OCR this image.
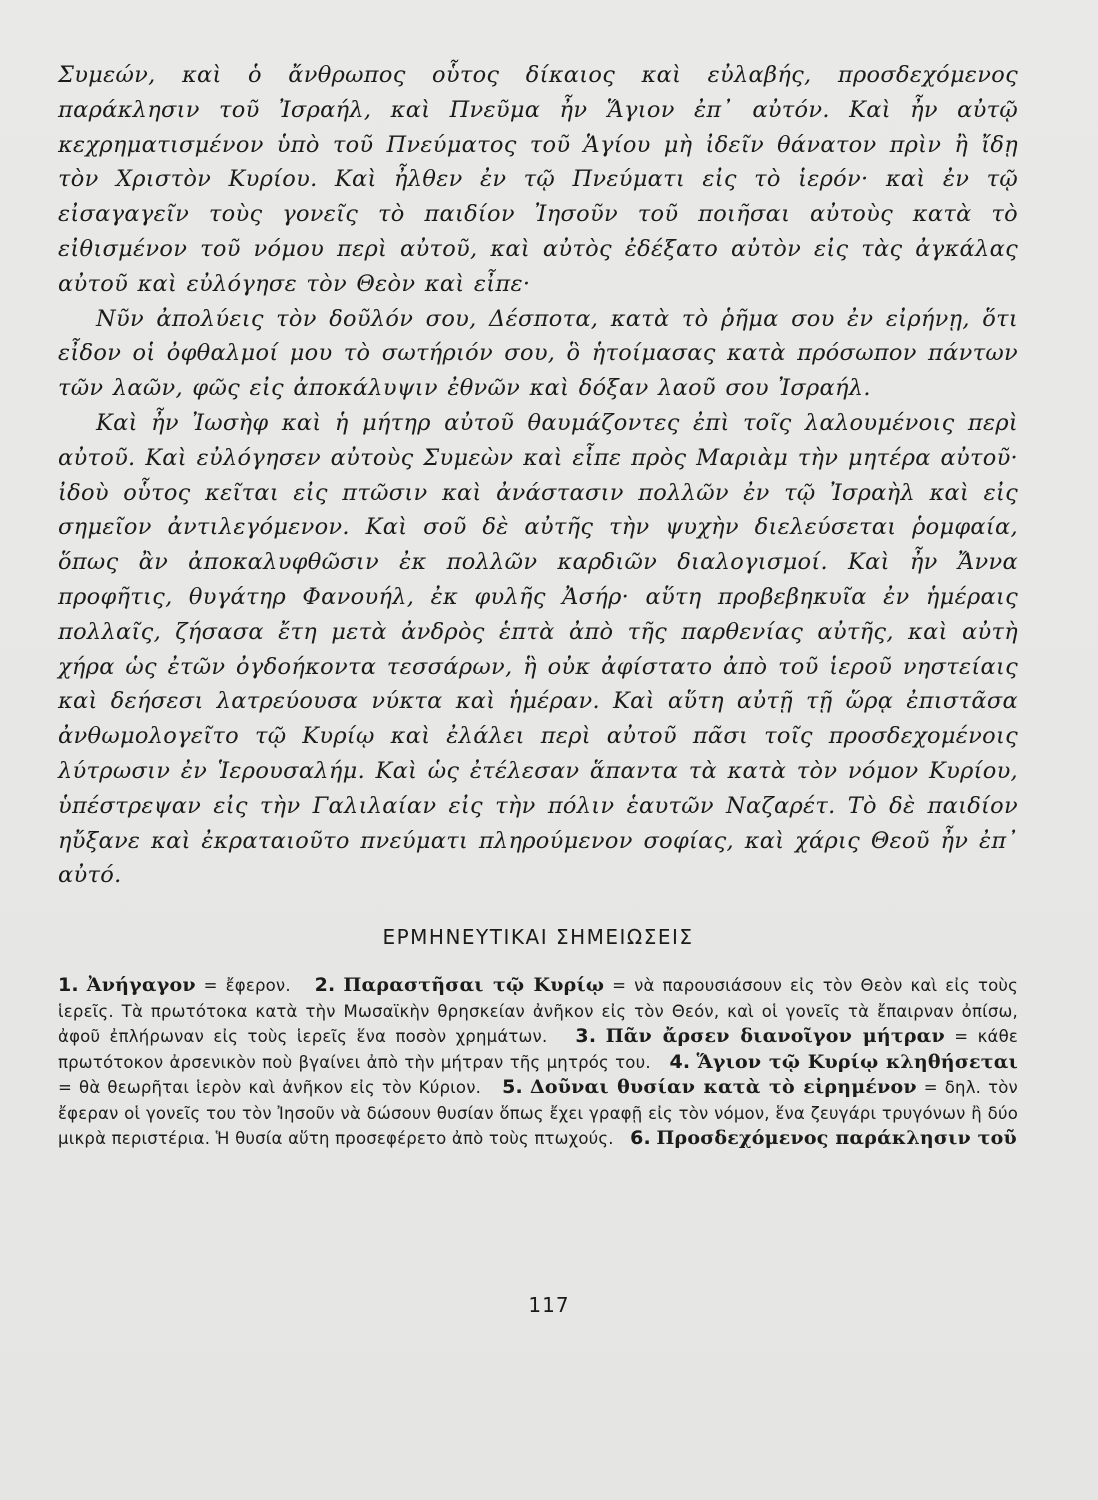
Συμεών, καὶ ὁ ἄνθρωπος οὗτος δίκαιος καὶ εὐλαβής, προσδεχόμενος παράκλησιν τοῦ Ἰσραήλ, καὶ Πνεῦμα ἦν Ἅγιον ἐπ᾽ αὐτόν. Καὶ ἦν αὐτῷ κεχρηματισμένον ὑπὸ τοῦ Πνεύματος τοῦ Ἁγίου μὴ ἰδεῖν θάνατον πρὶν ἢ ἴδῃ τὸν Χριστὸν Κυρίου. Καὶ ἦλθεν ἐν τῷ Πνεύματι εἰς τὸ ἱερόν· καὶ ἐν τῷ εἰσαγαγεῖν τοὺς γονεῖς τὸ παιδίον Ἰησοῦν τοῦ ποιῆσαι αὐτοὺς κατὰ τὸ εἰθισμένον τοῦ νόμου περὶ αὐτοῦ, καὶ αὐτὸς ἐδέξατο αὐτὸν εἰς τὰς ἀγκάλας αὐτοῦ καὶ εὐλόγησε τὸν Θεὸν καὶ εἶπε·

Νῦν ἀπολύεις τὸν δοῦλόν σου, Δέσποτα, κατὰ τὸ ῥῆμα σου ἐν εἰρήνῃ, ὅτι εἶδον οἱ ὀφθαλμοί μου τὸ σωτήριόν σου, ὃ ἡτοίμασας κατὰ πρόσωπον πάντων τῶν λαῶν, φῶς εἰς ἀποκάλυψιν ἐθνῶν καὶ δόξαν λαοῦ σου Ἰσραήλ.

Καὶ ἦν Ἰωσὴφ καὶ ἡ μήτηρ αὐτοῦ θαυμάζοντες ἐπὶ τοῖς λαλουμένοις περὶ αὐτοῦ. Καὶ εὐλόγησεν αὐτοὺς Συμεὼν καὶ εἶπε πρὸς Μαριὰμ τὴν μητέρα αὐτοῦ· ἰδοὺ οὗτος κεῖται εἰς πτῶσιν καὶ ἀνάστασιν πολλῶν ἐν τῷ Ἰσραὴλ καὶ εἰς σημεῖον ἀντιλεγόμενον. Καὶ σοῦ δὲ αὐτῆς τὴν ψυχὴν διελεύσεται ῥομφαία, ὅπως ἂν ἀποκαλυφθῶσιν ἐκ πολλῶν καρδιῶν διαλογισμοί. Καὶ ἦν Ἄννα προφῆτις, θυγάτηρ Φανουήλ, ἐκ φυλῆς Ἀσήρ· αὕτη προβεβηκυῖα ἐν ἡμέραις πολλαῖς, ζήσασα ἔτη μετὰ ἀνδρὸς ἑπτὰ ἀπὸ τῆς παρθενίας αὐτῆς, καὶ αὐτὴ χήρα ὡς ἐτῶν ὀγδοήκοντα τεσσάρων, ἣ οὐκ ἀφίστατο ἀπὸ τοῦ ἱεροῦ νηστείαις καὶ δεήσεσι λατρεύουσα νύκτα καὶ ἡμέραν. Καὶ αὕτη αὐτῇ τῇ ὥρᾳ ἐπιστᾶσα ἀνθωμολογεῖτο τῷ Κυρίῳ καὶ ἐλάλει περὶ αὐτοῦ πᾶσι τοῖς προσδεχομένοις λύτρωσιν ἐν Ἱερουσαλήμ. Καὶ ὡς ἐτέλεσαν ἅπαντα τὰ κατὰ τὸν νόμον Κυρίου, ὑπέστρεψαν εἰς τὴν Γαλιλαίαν εἰς τὴν πόλιν ἑαυτῶν Ναζαρέτ. Τὸ δὲ παιδίον ηὔξανε καὶ ἐκραταιοῦτο πνεύματι πληρούμενον σοφίας, καὶ χάρις Θεοῦ ἦν ἐπ᾽ αὐτό.

ΕΡΜΗΝΕΥΤΙΚΑΙ ΣΗΜΕΙΩΣΕΙΣ
1. Ἀνήγαγον = ἔφερον. 2. Παραστῆσαι τῷ Κυρίῳ = νὰ παρουσιάσουν εἰς τὸν Θεὸν καὶ εἰς τοὺς ἱερεῖς. Τὰ πρωτότοκα κατὰ τὴν Μωσαϊκὴν θρησκείαν ἀνῆκον εἰς τὸν Θεόν, καὶ οἱ γονεῖς τὰ ἔπαιρναν ὀπίσω, ἀφοῦ ἐπλήρωναν εἰς τοὺς ἱερεῖς ἕνα ποσὸν χρημάτων. 3. Πᾶν ἄρσεν διανοῖγον μήτραν = κάθε πρωτότοκον ἀρσενικὸν ποὺ βγαίνει ἀπὸ τὴν μήτραν τῆς μητρός του. 4. Ἅγιον τῷ Κυρίῳ κληθήσεται = θὰ θεωρῆται ἱερὸν καὶ ἀνῆκον εἰς τὸν Κύριον. 5. Δοῦναι θυσίαν κατὰ τὸ εἰρημένον = δηλ. τὸν ἔφεραν οἱ γονεῖς του τὸν Ἰησοῦν νὰ δώσουν θυσίαν ὅπως ἔχει γραφῇ εἰς τὸν νόμον, ἕνα ζευγάρι τρυγόνων ἢ δύο μικρὰ περιστέρια. Ἡ θυσία αὕτη προσεφέρετο ἀπὸ τοὺς πτωχούς. 6. Προσδεχόμενος παράκλησιν τοῦ
117
